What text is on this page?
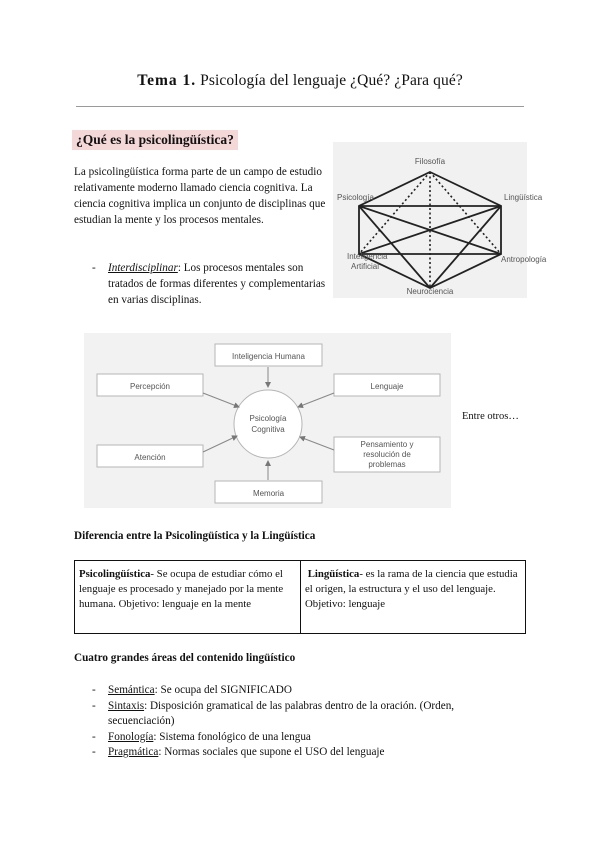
Tema 1. Psicología del lenguaje ¿Qué? ¿Para qué?
¿Qué es la psicolingüística?
La psicolingüística forma parte de un campo de estudio relativamente moderno llamado ciencia cognitiva. La ciencia cognitiva implica un conjunto de disciplinas que estudian la mente y los procesos mentales.
- Interdisciplinar: Los procesos mentales son tratados de formas diferentes y complementarias en varias disciplinas.
Filosofía
Psicología	Lingüística
Inteligencia
Artificial
Antropología
Neurociencia
Inteligencia Humana
Percepción	Lenguaje
Atención
Pensamiento y
resolución de
problemas
Memoria
Psicología
Cognitiva
Entre otros…
Diferencia entre la Psicolingüística y la Lingüística
Psicolingüística- Se ocupa de estudiar cómo el lenguaje es procesado y manejado por la mente humana. Objetivo: lenguaje en la mente
Lingüística- es la rama de la ciencia que estudia el origen, la estructura y el uso del lenguaje. Objetivo: lenguaje
Cuatro grandes áreas del contenido lingüístico
- Semántica: Se ocupa del SIGNIFICADO
- Sintaxis: Disposición gramatical de las palabras dentro de la oración. (Orden, secuenciación)
- Fonología: Sistema fonológico de una lengua
- Pragmática: Normas sociales que supone el USO del lenguaje
